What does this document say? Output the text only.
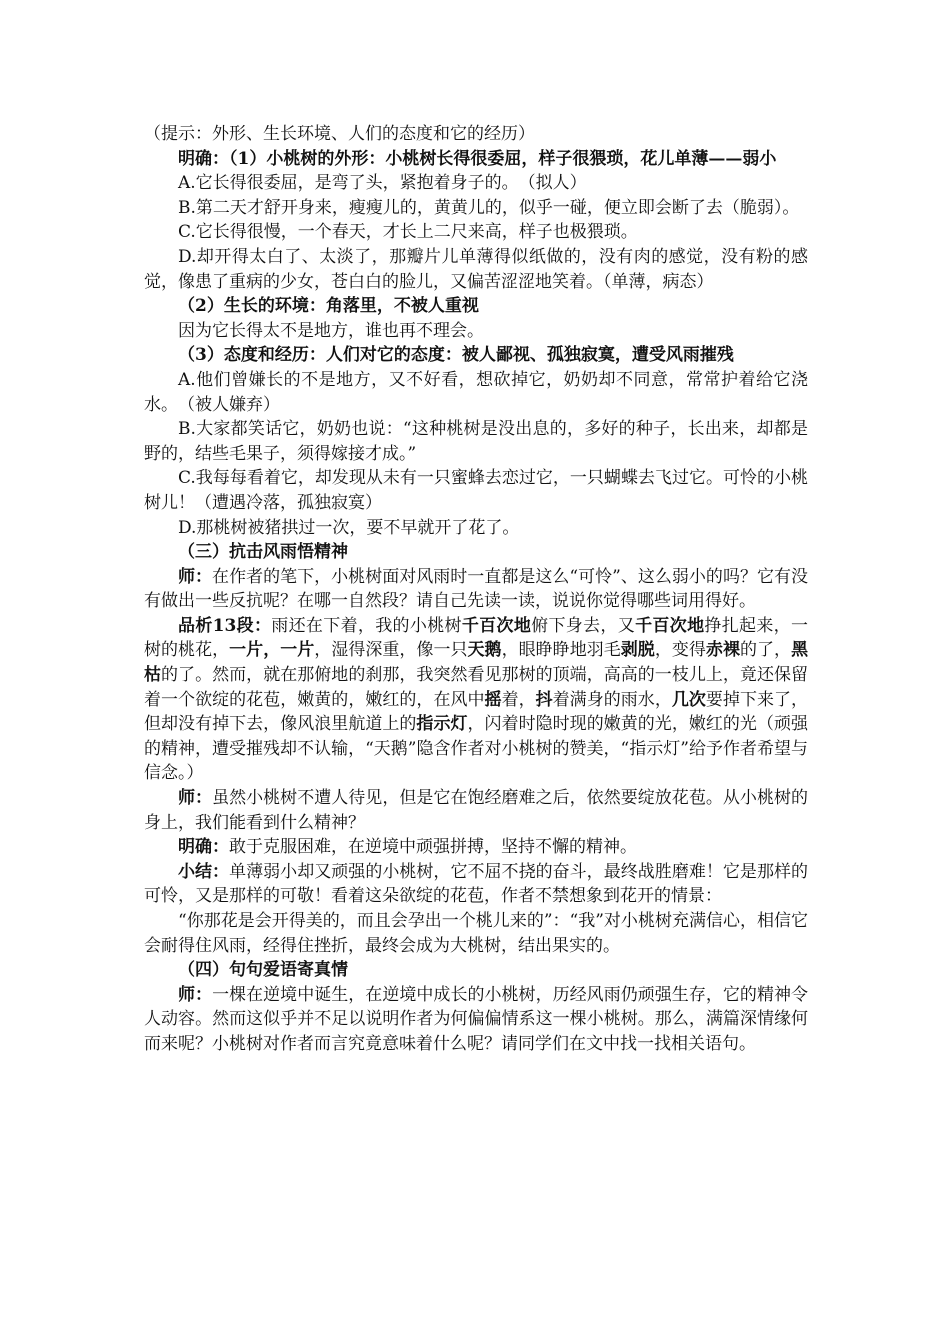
（提示：外形、生长环境、人们的态度和它的经历）

明确：（1）小桃树的外形：小桃树长得很委屈，样子很猥琐，花儿单薄——弱小

A.它长得很委屈，是弯了头，紧抱着身子的。　（拟人）

B.第二天才舒开身来，瘦瘦儿的，黄黄儿的，似乎一碰，便立即会断了去（脆弱）。

C.它长得很慢，一个春天，才长上二尺来高，样子也极猥琐。

D.却开得太白了、太淡了，那瓣片儿单薄得似纸做的，没有肉的感觉，没有粉的感觉，像患了重病的少女，苍白白的脸儿，又偏苦涩涩地笑着。（单薄，病态）

（2）生长的环境：角落里，不被人重视

因为它长得太不是地方，谁也再不理会。

（3）态度和经历：人们对它的态度：被人鄙视、孤独寂寞，遭受风雨摧残

A.他们曾嫌长的不是地方，又不好看，想砍掉它，奶奶却不同意，常常护着给它浇水。　（被人嫌弃）

B.大家都笑话它，奶奶也说：“这种桃树是没出息的，多好的种子，长出来，却都是野的，结些毛果子，须得嫁接才成。”

C.我每每看着它，却发现从未有一只蜜蜂去恋过它，一只蝴蝶去飞过它。可怜的小桃树儿！（遭遇冷落，孤独寂寞）

D.那桃树被猪拱过一次，要不早就开了花了。

（三）抗击风雨悟精神

师：在作者的笔下，小桃树面对风雨时一直都是这么“可怜”、这么弱小的吗？它有没有做出一些反抗呢？在哪一自然段？请自己先读一读，说说你觉得哪些词用得好。

品析13段：雨还在下着，我的小桃树千百次地俯下身去，又千百次地挣扎起来，一树的桃花，一片，一片，湿得深重，像一只天鹅，眼睁睁地羽毛剥脱，变得赤裸的了，黑枯的了。然而，就在那俯地的刹那，我突然看见那树的顶端，高高的一枝儿上，竟还保留着一个欲绽的花苞，嫩黄的，嫩红的，在风中摇着，抖着满身的雨水，几次要掉下来了，但却没有掉下去，像风浪里航道上的指示灯，闪着时隐时现的嫩黄的光，嫩红的光（顽强的精神，遭受摧残却不认输，“天鹅”隐含作者对小桃树的赞美，“指示灯”给予作者希望与信念。）

师：虽然小桃树不遭人待见，但是它在饱经磨难之后，依然要绽放花苞。从小桃树的身上，我们能看到什么精神？

明确：敢于克服困难，在逆境中顽强拼搏，坚持不懈的精神。

小结：单薄弱小却又顽强的小桃树，它不屈不挠的奋斗，最终战胜磨难！它是那样的可怜，又是那样的可敬！看着这朵欲绽的花苞，作者不禁想象到花开的情景：

“你那花是会开得美的，而且会孕出一个桃儿来的”：“我”对小桃树充满信心，相信它会耐得住风雨，经得住挫折，最终会成为大桃树，结出果实的。

（四）句句爱语寄真情

师：一棵在逆境中诞生，在逆境中成长的小桃树，历经风雨仍顽强生存，它的精神令人动容。然而这似乎并不足以说明作者为何偏偏情系这一棵小桃树。那么，满篇深情缘何而来呢？小桃树对作者而言究竟意味着什么呢？请同学们在文中找一找相关语句。
